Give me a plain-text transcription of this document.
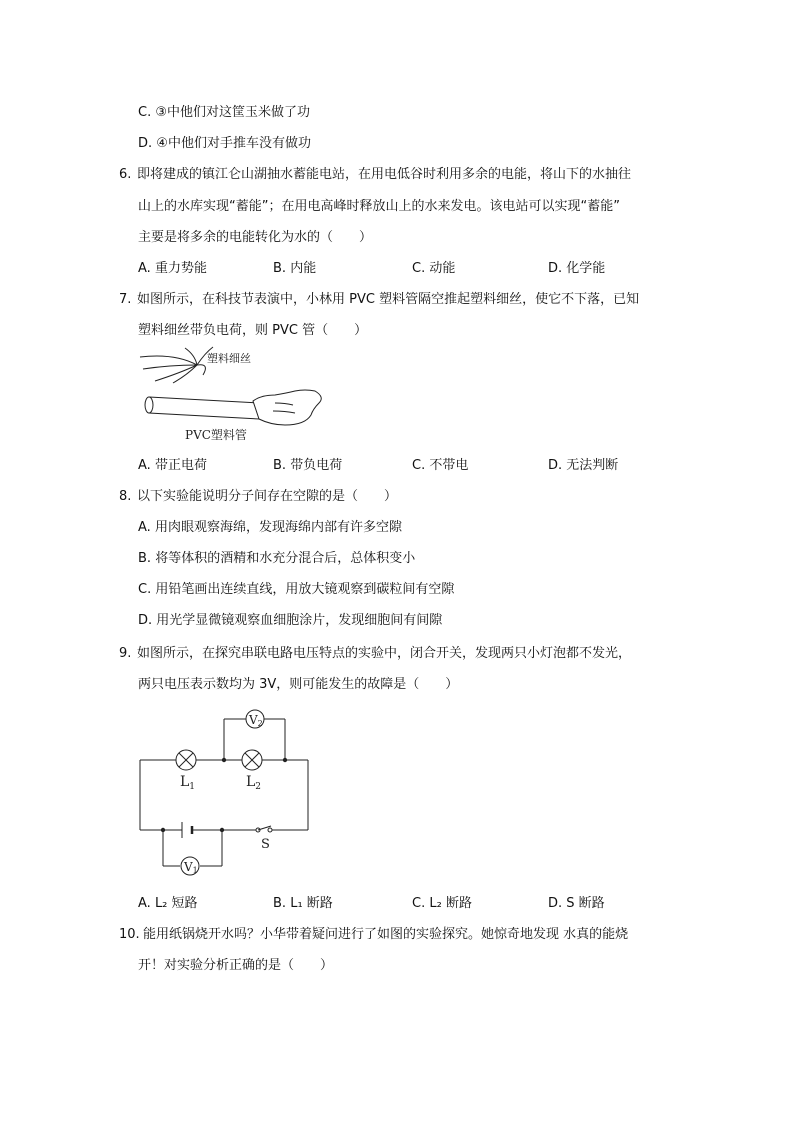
C. ③中他们对这筐玉米做了功
D. ④中他们对手推车没有做功
6. 即将建成的镇江仑山湖抽水蓄能电站，在用电低谷时利用多余的电能，将山下的水抽往
山上的水库实现“蓄能”；在用电高峰时释放山上的水来发电。该电站可以实现“蓄能”
主要是将多余的电能转化为水的（　　）
A. 重力势能	B. 内能	C. 动能	D. 化学能
7. 如图所示，在科技节表演中，小林用 PVC 塑料管隔空推起塑料细丝，使它不下落，已知
塑料细丝带负电荷，则 PVC 管（　　）
塑料细丝
PVC塑料管
A. 带正电荷	B. 带负电荷	C. 不带电	D. 无法判断
8. 以下实验能说明分子间存在空隙的是（　　）
A. 用肉眼观察海绵，发现海绵内部有许多空隙
B. 将等体积的酒精和水充分混合后，总体积变小
C. 用铅笔画出连续直线，用放大镜观察到碳粒间有空隙
D. 用光学显微镜观察血细胞涂片，发现细胞间有间隙
9. 如图所示，在探究串联电路电压特点的实验中，闭合开关，发现两只小灯泡都不发光，
两只电压表示数均为 3V，则可能发生的故障是（　　）
$L_1$	$L_2$
V2
S
V1
A. L₂ 短路	B. L₁ 断路	C. L₂ 断路	D. S 断路
10. 能用纸锅烧开水吗？小华带着疑问进行了如图的实验探究。她惊奇地发现 水真的能烧
开！对实验分析正确的是（　　）
